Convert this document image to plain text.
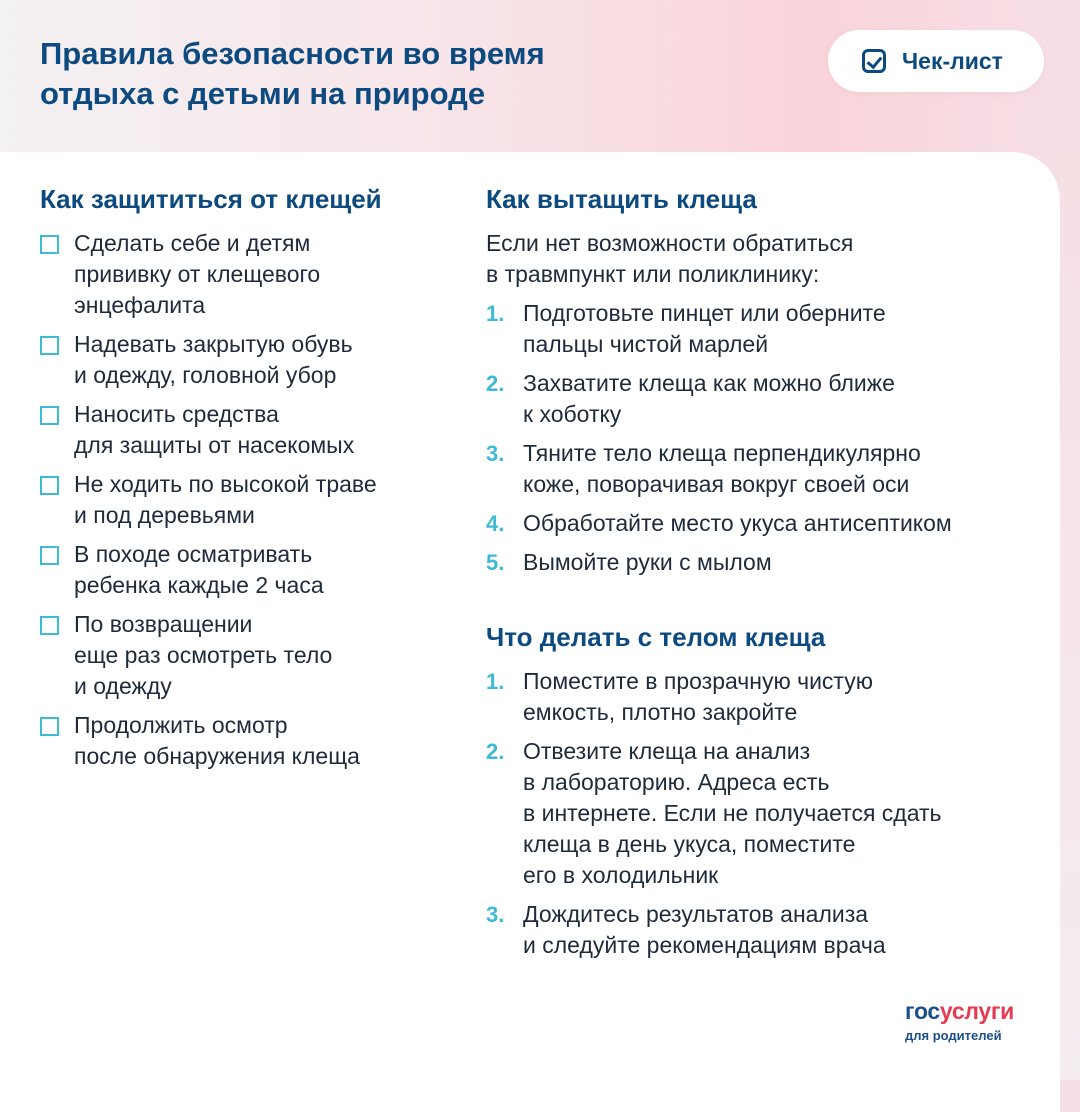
Правила безопасности во время
отдыха с детьми на природе
Чек-лист
Как защититься от клещей
Сделать себе и детям
прививку от клещевого
энцефалита
Надевать закрытую обувь
и одежду, головной убор
Наносить средства
для защиты от насекомых
Не ходить по высокой траве
и под деревьями
В походе осматривать
ребенка каждые 2 часа
По возвращении
еще раз осмотреть тело
и одежду
Продолжить осмотр
после обнаружения клеща
Как вытащить клеща
Если нет возможности обратиться
в травмпункт или поликлинику:
1. Подготовьте пинцет или оберните
пальцы чистой марлей
2. Захватите клеща как можно ближе
к хоботку
3. Тяните тело клеща перпендикулярно
коже, поворачивая вокруг своей оси
4. Обработайте место укуса антисептиком
5. Вымойте руки с мылом
Что делать с телом клеща
1. Поместите в прозрачную чистую
емкость, плотно закройте
2. Отвезите клеща на анализ
в лабораторию. Адреса есть
в интернете. Если не получается сдать
клеща в день укуса, поместите
его в холодильник
3. Дождитесь результатов анализа
и следуйте рекомендациям врача
госуслуги
для родителей
